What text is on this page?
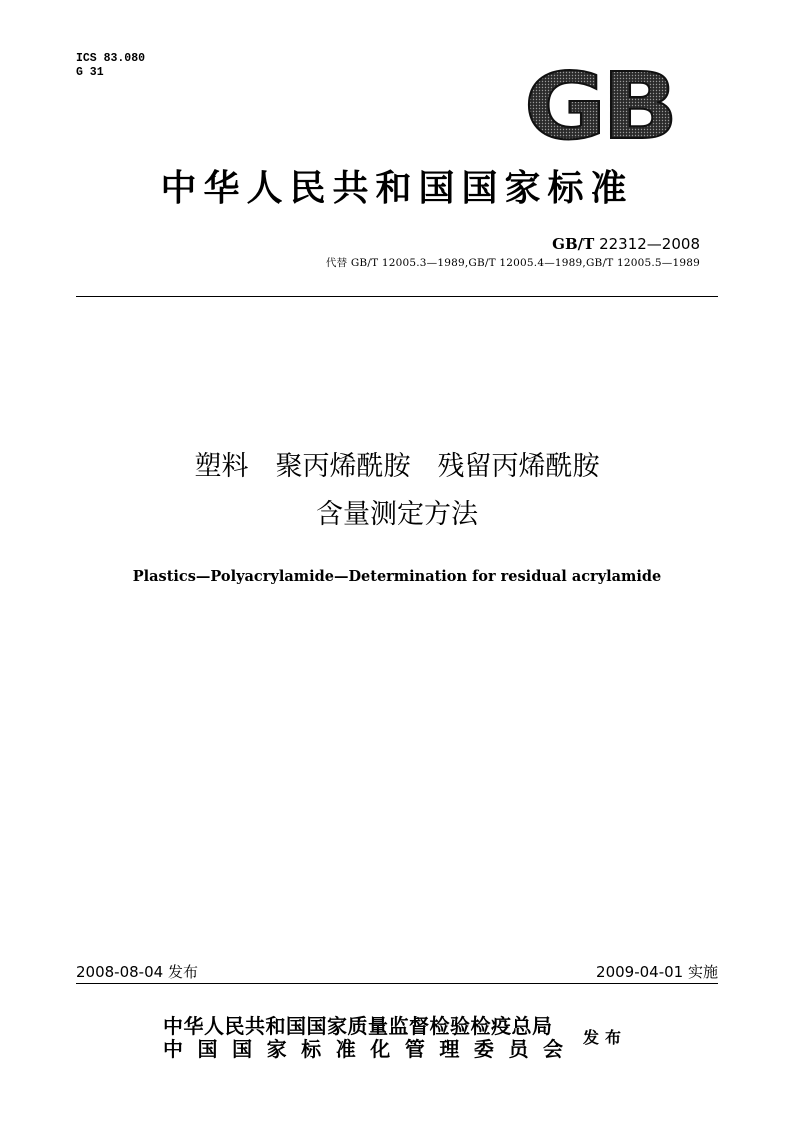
ICS 83.080
G 31	GB
中华人民共和国国家标准
GB/T 22312—2008
代替 GB/T 12005.3—1989,GB/T 12005.4—1989,GB/T 12005.5—1989
塑料　聚丙烯酰胺　残留丙烯酰胺
含量测定方法
Plastics—Polyacrylamide—Determination for residual acrylamide
2008-08-04 发布	2009-04-01 实施
中华人民共和国国家质量监督检验检疫总局
中国国家标准化管理委员会 发布
